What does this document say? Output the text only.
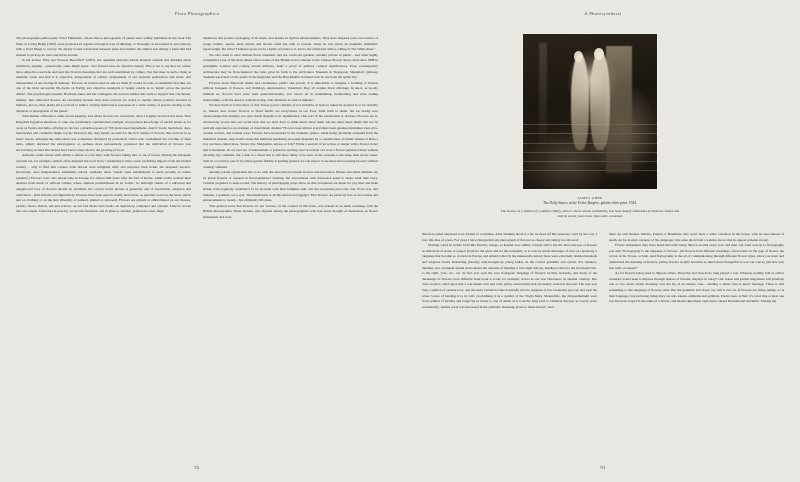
Flora Photographica

The photographer-philosopher Ernst Fuhrmann, whose macro-photographs of plants were widely published in his book The Plant as Living Being (1930), even proposed an organic-ecological way of thinking, or 'biosophy' as he termed it, and came up with a vivid image to convey the deeply rooted connection between plant and animal: the animal was simply a plant that had learned to pick up its roots and move around.

In his lecture 'Why Are Flowers Beautiful?' (2007), the quantum physicist David Deutsch extends this thinking about symbiosis, arguing - quixotically, some might argue - that flowers have an objective beauty. This is not to say that we cannot have subjective reactions and read into flowers meanings that are well established by culture, 'but that there is such a thing as aesthetic value and that it is objective, independent of culture, independent of our personal preferences and tastes, and independent of our biological makeup.' Flowers do indeed send us and we them (it would be wise to remember that they are one of the most successful life-forms on Earth), and objective standards of beauty enable us to 'signal across the species divide'. The psychologist Jeanette Haviland-Jones and her colleagues cite several studies that seem to support this conclusion, namely, 'that cultivated flowers are rewarding because they have evolved (in order) to rapidly induce positive emotion in humans, just as other plants have evolved to induce varying behavioural responses in a wide variety of species leading to the dispersal or propagation of the plants'.

With human civilization came record keeping, and where flowers are concerned, what a lengthy record it has been. New Kingdom Egyptian medicine, to take one particularly sophisticated example, incorporated knowledge of useful plants as far away as Persia and India, offering its doctors a pharmacopoeia of 700 plant-based ingredients. And if foods, medicines, dyes, insecticides and cosmetics might top the historical list, they hardly account for the rich culture of flowers that evolved in so many places, although the elaboration was sometimes disrupted by puritanical critics who condemned the worship of false idols, simply deplored the extravagance or, perhaps more persuasively, protested that the cultivation of flowers was encroaching on land that should have been consecrated to the growing of food.

Attitudes could always shift within a culture or over time, with flowers falling into or out of favour. During the European colonial era, for example, settlers often despised the local flora, considering it mere weed, preferring imports from the mother country - only to find that colours from abroad were delighted with, and exported back home, the despised 'exotics'. (Ironically, once independence sentiments stirred, suddenly those 'weeds' were rehabilitated to serve proudly as nation symbols.) Flowers were also unwelcome in Europe for almost 600 years after the fall of Rome, while Goldy noticed their absence from much of African culture, where animals predominated in art forms.' So although claims of a universal and unequivocal love of flowers should be qualified, the overall world picture is generally one of fascination, adoption and cultivation - both literally and figuratively. Flowers have been used in bodily decoration, as garlands worn on the head, and in and on clothing or on the skin (literally, or painted, printed or tattooed). Flowers are printed or embroidered on our dresses, jackets, shorts, shawls, ties and scarves, on our bed sheets and towels, on upholstery, wallpaper and curtains. They've woven into our carpets, fabricated in jewelry, carved into furniture, cast in glass or ceramic, printed on coins, flags,

banknotes and product packaging of all kinds, and feature in myriad advertisements. They have inspired poets and writers of songs, ballets, operas, short stories and novels. After his visit to Colette, when he was given an exquisite 'millefiori' paperweight, the writer Truman Capote wrote a hymn of praise to it, and to the celebrated author, calling it 'The White Rose'.'

We can't seem to exist without floral ornament, and nor could our gardens, whether private or public - and often highly competitive (one of the most talked about events of the British social calendar is the Chelsea Flower Show, held since 1888 in springtime London and costing untold millions, itself a proof of primary cultural significance). Even contemporary architecture may be flora-inspired: the lotus gave its form to the ArtScience Museum in Singapore; Shanghai's Qizhong Stadium was based on the petals of the magnolia; and the Burj Khalifa in Dubai took its cue from the spider lily.

Flowers mark important rituals and ceremonies, public and private. It is impossible to imagine a wedding or funeral without bouquets of flowers, and birthdays, anniversaries, Valentine's Day, all require floral offerings. In short, as Goody reminds us, flowers have been used quasi-universally, and 'above all in establishing, maintaining and even ending relationships, with the dead as with the living, with divinities as well as humans'.'

Yet how ironic it is that most of this 'flower power' remains, if not invisible, at least so taken for granted as to be virtually so. Indeed, how ironic: flowers or floral motifs are everywhere in our lives, from birth to death, but we hardly ever acknowledge this ubiquity, nor give much thought to its significance. One part of the explanation is obvious. Flowers are so intrinsically woven into our social lives that we don't have to think much about them. On the other hand, might this not be partially explained as an example of chauvinistic disdain? Flowers have almost everywhere been gendered feminine: men give, women receive, and women wear. Flowers have blossomed in the domestic sphere, while being decidedly excluded from the industrial domain. Any doubts about this feminine gendering are easily dispelled by a consideration of babies' names: is there a boy out there called Rose, Violet, Iris, Marguerite, Alyssa or Lily? While a portrait of an actress or singer with a flower in her hair is mundane, do we ever see a businessman or politician sporting one? A woman can wear a flower-patterned dress without eliciting any comment, but a man in a floral suit is still more likely to be seen on the catwalk or the stage than on the street. Still, in a world (or part of it) where gender fluidity is gaining ground, we can expect to see more men wearing flowers without causing comment.

Another partial explanation has to do with the association between flowers and innocence. Babies and small children can be given flowers or dressed in floral-patterned clothing, but associations with innocence seem to make adult men leery. Cultural prejudice is deep-rooted. The history of photography plays show us that exceptions are made for gay men and male artists, both popularly considered 'to be in touch with their feminine side', but the exceptions prove the rule. Flora was, and remains, a goddess, not a god. The implication is all this historical baggage? That flowers are perfectly free as decoration and enhancements to beauty - but ultimately frivolous.

That general scene that flowers are not 'serious', in the context of this book, was echoed in an small exchange with the British photographer Nader Kander, who figured among the photographers who had never thought of themselves as flower enthusiasts and were

92
A Photosynthesis
JAMES ABBE
The Dolly Sisters at the Folies Bergère, gelatin silver print, 1924.
The flower as a symbol of youthful vitality, and of course sexual availability, has been deeply embedded in Western culture and only in recent years been vigorously contested.

therefore rather surprised to be invited to contribute. After thinking about it a bit, he fired off this response: 'And by the way, I love this idea of yours. For years I have disregarded any photograph of flowers as cheesy and simply not allowed.'

Nothing could be further from this frivolity charge, so Kander now admits. I might add to my list above the use of flowers as indicators of status or respect (both for the giver and for the recipient), or to convey subtle messages of love (or rejection), a language that became so evolved in Europe and America that by the nineteenth century there were extremely detailed manuals and etiquette books instructing (mostly) well-brought-up young ladies on the correct grammar and syntax. For instance, handing over a bouquet upside down meant the opposite of handing it over right side up, handing it tilted to the left meant 'me', to the right, 'you', etc., etc. In fact, few took the very bourgeois 'language of flowers' terribly seriously, and many of the 'meanings' of flowers were different from book to book; for example, acacia in one was 'bitterness', in another 'anxiety'. But even sceptics could agree that a rose meant love and a lily purity, associations that are deeply rooted in the past. The rose was long a symbol of sensual love, and the early Christian Church initially tried to suppress it, but eventually gave up and took the wiser course of bending it to its will, proclaiming it as a symbol of the Virgin Mary. Meanwhile, the chrysanthemum went from symbol of fertility and longevity in China to one of death, as it took the long road to Christian Europe; as Goody notes sardonically, 'neither party was interested in the symbolic meanings given to them abroad.'' And

there are still modern Italians, French or Brazilians who won't have a white carnation in the house, with its associations of death. As for modern versions of 'the language', this sales pitch from a website shows that its appeal remains strong:

Flower enthusiasts may have heard this term being thrown around every now and then, but what exactly is floriography you ask? Floriography is the language of flowers. All flowers hold different meanings, often based on the type of flower, the colour of the flower, or both. And floriography is the art of communicating through different flower types. Once you learn and understand the meaning of flowers, giving flowers as gifts becomes so much more thoughtful as you can convey just how you feel with a bouquet!''

As for flowers being used to impress others, hierarchy and class have long played a role. Whereas wealthy folk of earlier centuries would seek to impress through masses of blooms, displays in today's chic house and garden magazines will privilege one or two exotic stems drooping over the lip of an austere vase - sending a subtle 'less is more' message. There is still something to this language of flowers, then. But the grammar isn't fixed, nor will it ever be. If flowers are living beings, so is their language, beyond being things they are also tokens, emblems and symbols. Potent ones, at that: it's a fact that at least one war has been waged in the name of a flower, and heated diplomatic spats have caused international incidents.'' During the

93
